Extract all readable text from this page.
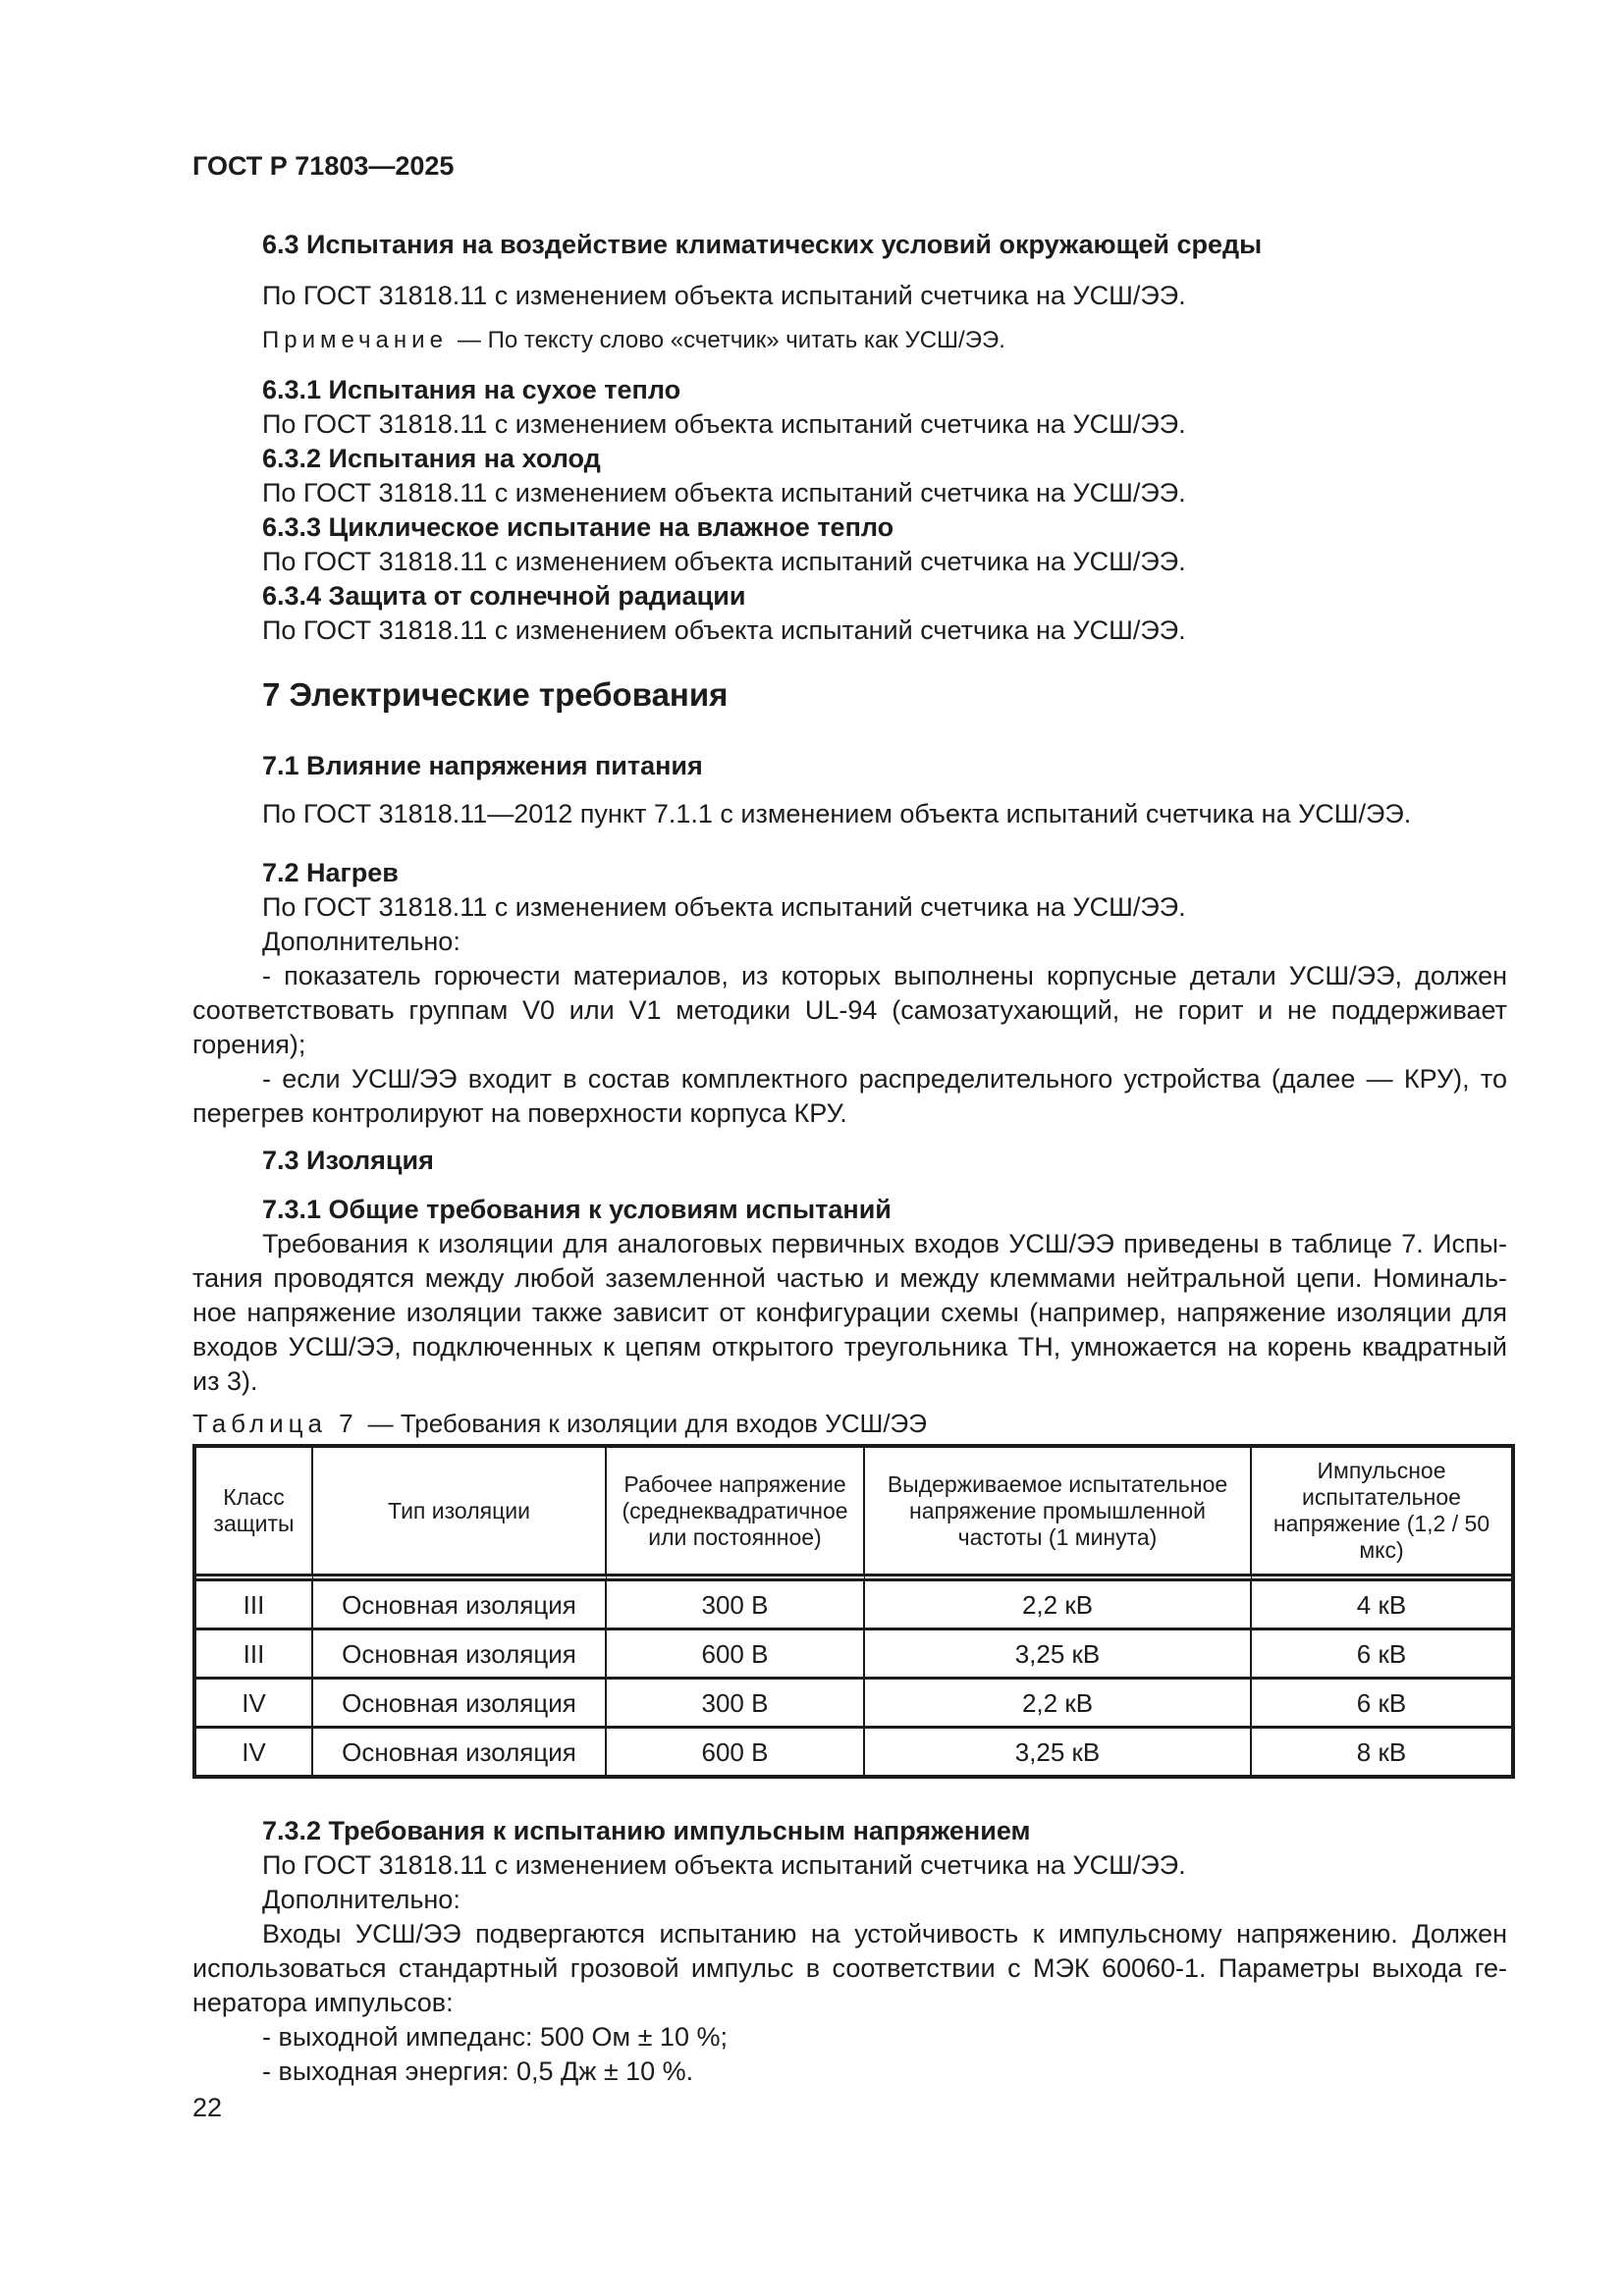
ГОСТ Р 71803—2025

6.3 Испытания на воздействие климатических условий окружающей среды

По ГОСТ 31818.11 с изменением объекта испытаний счетчика на УСШ/ЭЭ.

Примечание — По тексту слово «счетчик» читать как УСШ/ЭЭ.

6.3.1 Испытания на сухое тепло

По ГОСТ 31818.11 с изменением объекта испытаний счетчика на УСШ/ЭЭ.

6.3.2 Испытания на холод

По ГОСТ 31818.11 с изменением объекта испытаний счетчика на УСШ/ЭЭ.

6.3.3 Циклическое испытание на влажное тепло

По ГОСТ 31818.11 с изменением объекта испытаний счетчика на УСШ/ЭЭ.

6.3.4 Защита от солнечной радиации

По ГОСТ 31818.11 с изменением объекта испытаний счетчика на УСШ/ЭЭ.

7 Электрические требования

7.1 Влияние напряжения питания

По ГОСТ 31818.11—2012 пункт 7.1.1 с изменением объекта испытаний счетчика на УСШ/ЭЭ.

7.2 Нагрев

По ГОСТ 31818.11 с изменением объекта испытаний счетчика на УСШ/ЭЭ.

Дополнительно:

- показатель горючести материалов, из которых выполнены корпусные детали УСШ/ЭЭ, должен

соответствовать группам V0 или V1 методики UL-94 (самозатухающий, не горит и не поддерживает

горения);

- если УСШ/ЭЭ входит в состав комплектного распределительного устройства (далее — КРУ), то

перегрев контролируют на поверхности корпуса КРУ.

7.3 Изоляция

7.3.1 Общие требования к условиям испытаний

Требования к изоляции для аналоговых первичных входов УСШ/ЭЭ приведены в таблице 7. Испы-

тания проводятся между любой заземленной частью и между клеммами нейтральной цепи. Номиналь-

ное напряжение изоляции также зависит от конфигурации схемы (например, напряжение изоляции для

входов УСШ/ЭЭ, подключенных к цепям открытого треугольника ТН, умножается на корень квадратный

из 3).

Таблица 7 — Требования к изоляции для входов УСШ/ЭЭ

Класс защиты	Тип изоляции	Рабочее напряжение (среднеквадратичное или постоянное)	Выдерживаемое испытательное напряжение промышленной частоты (1 минута)	Импульсное испытательное напряжение (1,2 / 50 мкс)
III	Основная изоляция	300 В	2,2 кВ	4 кВ
III	Основная изоляция	600 В	3,25 кВ	6 кВ
IV	Основная изоляция	300 В	2,2 кВ	6 кВ
IV	Основная изоляция	600 В	3,25 кВ	8 кВ

7.3.2 Требования к испытанию импульсным напряжением

По ГОСТ 31818.11 с изменением объекта испытаний счетчика на УСШ/ЭЭ.

Дополнительно:

Входы УСШ/ЭЭ подвергаются испытанию на устойчивость к импульсному напряжению. Должен

использоваться стандартный грозовой импульс в соответствии с МЭК 60060-1. Параметры выхода ге-

нератора импульсов:

- выходной импеданс: 500 Ом ± 10 %;

- выходная энергия: 0,5 Дж ± 10 %.

22
